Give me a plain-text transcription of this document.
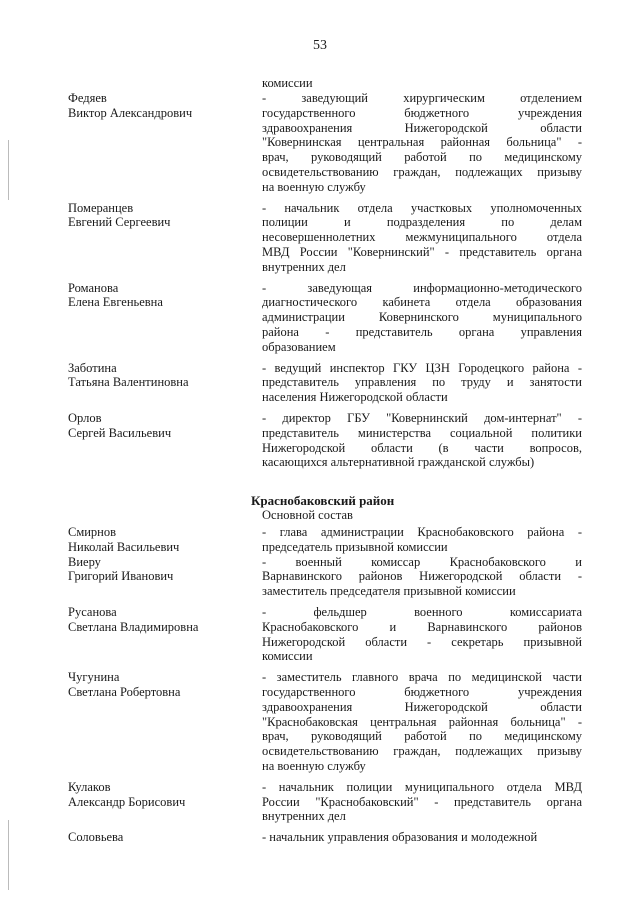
53
комиссии
Федяев
Виктор Александрович
- заведующий хирургическим отделением
государственного бюджетного учреждения
здравоохранения Нижегородской области
"Ковернинская центральная районная больница" -
врач, руководящий работой по медицинскому
освидетельствованию граждан, подлежащих призыву
на военную службу
Померанцев
Евгений Сергеевич
- начальник отдела участковых уполномоченных
полиции и подразделения по делам
несовершеннолетних межмуниципального отдела
МВД России "Ковернинский" - представитель органа
внутренних дел
Романова
Елена Евгеньевна
- заведующая информационно-методического
диагностического кабинета отдела образования
администрации Ковернинского муниципального
района - представитель органа управления
образованием
Заботина
Татьяна Валентиновна
- ведущий инспектор ГКУ ЦЗН Городецкого района -
представитель управления по труду и занятости
населения Нижегородской области
Орлов
Сергей Васильевич
- директор ГБУ "Ковернинский дом-интернат" -
представитель министерства социальной политики
Нижегородской области (в части вопросов,
касающихся альтернативной гражданской службы)
Краснобаковский район
Основной состав
Смирнов
Николай Васильевич
- глава администрации Краснобаковского района -
председатель призывной комиссии
Виеру
Григорий Иванович
- военный комиссар Краснобаковского и
Варнавинского районов Нижегородской области -
заместитель председателя призывной комиссии
Русанова
Светлана Владимировна
- фельдшер военного комиссариата
Краснобаковского и Варнавинского районов
Нижегородской области - секретарь призывной
комиссии
Чугунина
Светлана Робертовна
- заместитель главного врача по медицинской части
государственного бюджетного учреждения
здравоохранения Нижегородской области
"Краснобаковская центральная районная больница" -
врач, руководящий работой по медицинскому
освидетельствованию граждан, подлежащих призыву
на военную службу
Кулаков
Александр Борисович
- начальник полиции муниципального отдела МВД
России "Краснобаковский" - представитель органа
внутренних дел
Соловьева	- начальник управления образования и молодежной
